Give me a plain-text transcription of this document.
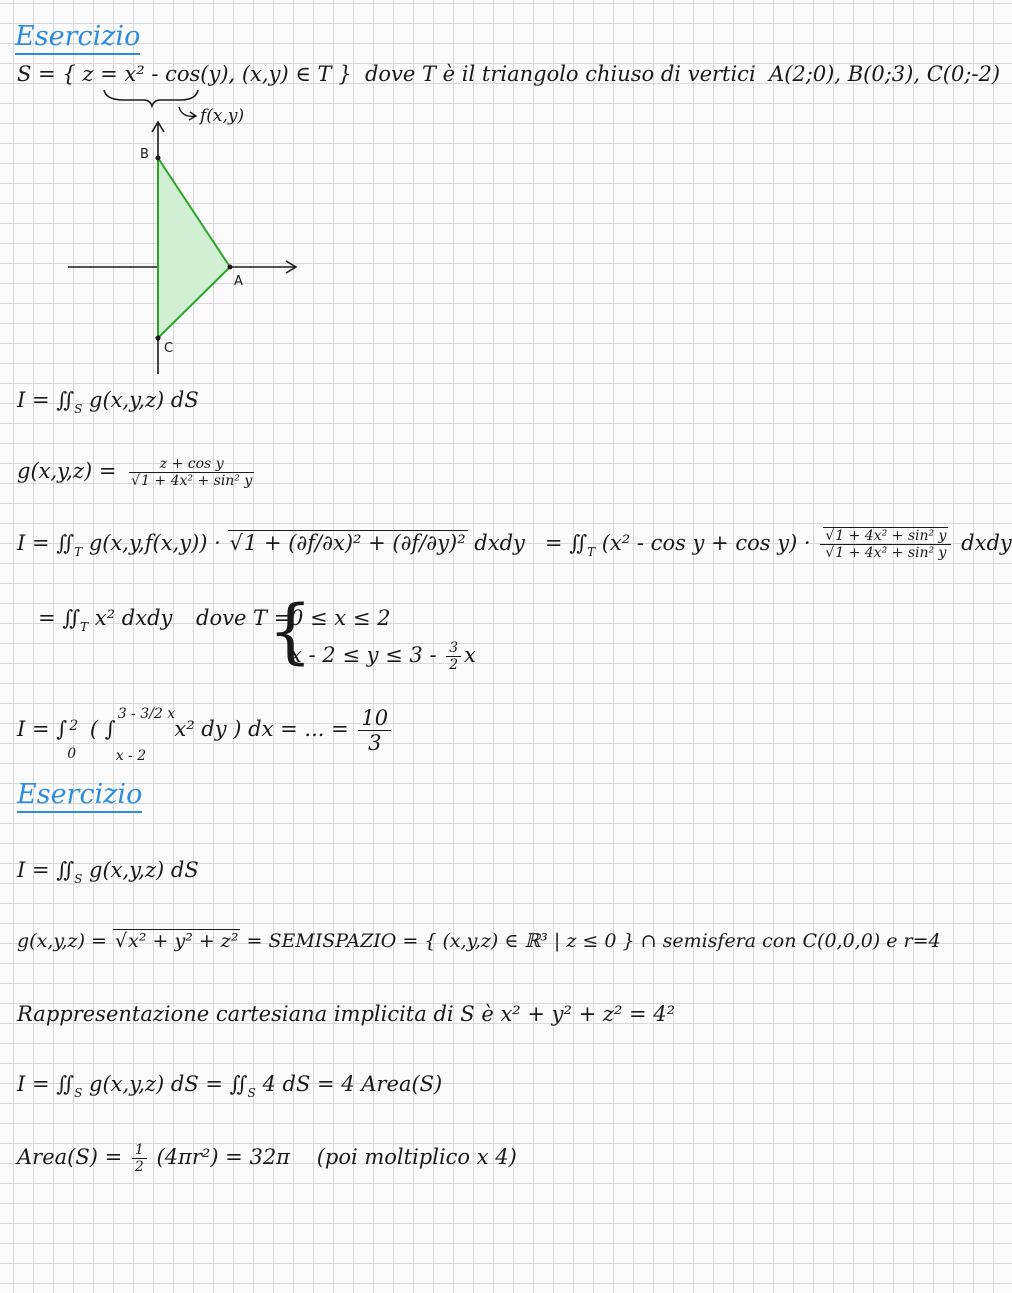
Esercizio
S = { z = x² - cos(y), (x,y) ∈ T } dove T è il triangolo chiuso di vertici A(2;0), B(0;3), C(0;-2)
f(x,y)
B
A
C
$I = ∬_S$ g(x,y,z) dS
g(x,y,z) = z + cos y
√ 1 + 4x² + sin² y
$I = ∬_T$ g(x,y,f(x,y)) · √ 1 + (∂f/∂x)² + (∂f/∂y)² dxdy = $∬_T$ (x² - cos y + cos y) · √ 1 + 4x² + sin² y
√ 1 + 4x² + sin² y dxdy
= $∬_T$ x² dxdy dove T =
{
0 ≤ x ≤ 2
$x - 2 \le y \le 3 - \frac{3}{2}$ x
I = ∫ 2
0
( ∫
3 - 3/2 x
x - 2
x² dy ) dx = ... = $\frac{10}{3}$
Esercizio
$I = ∬_S$ g(x,y,z) dS
g(x,y,z) = √ x² + y² + z² = SEMISPAZIO = { (x,y,z) ∈ ℝ³ | z ≤ 0 } ∩ semisfera con C(0,0,0) e r=4
Rappresentazione cartesiana implicita di S è x² + y² + z² = 4²
$I = ∬_S$ g(x,y,z) dS = $∬_S$ 4 dS = 4 Area(S)
Area(S) = $\frac{1}{2} (4\pi r^2) = 32\pi$ (poi moltiplico x 4)
